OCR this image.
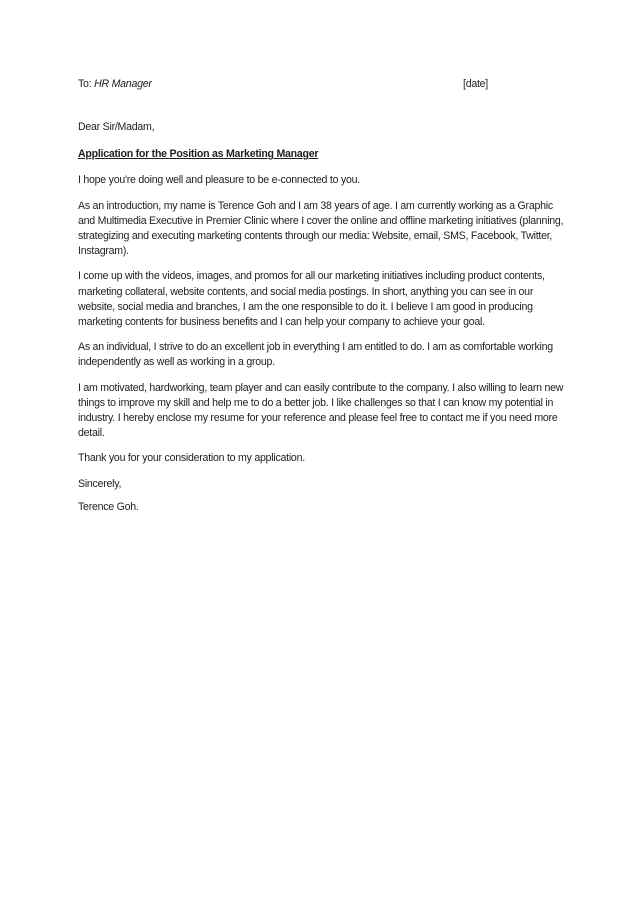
To: HR Manager	[date]

Dear Sir/Madam,

Application for the Position as Marketing Manager

I hope you're doing well and pleasure to be e-connected to you.

As an introduction, my name is Terence Goh and I am 38 years of age. I am currently working as a Graphic and Multimedia Executive in Premier Clinic where I cover the online and offline marketing initiatives (planning, strategizing and executing marketing contents through our media: Website, email, SMS, Facebook, Twitter, Instagram).

I come up with the videos, images, and promos for all our marketing initiatives including product contents, marketing collateral, website contents, and social media postings. In short, anything you can see in our website, social media and branches, I am the one responsible to do it. I believe I am good in producing marketing contents for business benefits and I can help your company to achieve your goal.

As an individual, I strive to do an excellent job in everything I am entitled to do. I am as comfortable working independently as well as working in a group.

I am motivated, hardworking, team player and can easily contribute to the company. I also willing to learn new things to improve my skill and help me to do a better job. I like challenges so that I can know my potential in industry. I hereby enclose my resume for your reference and please feel free to contact me if you need more detail.

Thank you for your consideration to my application.

Sincerely,

Terence Goh.
